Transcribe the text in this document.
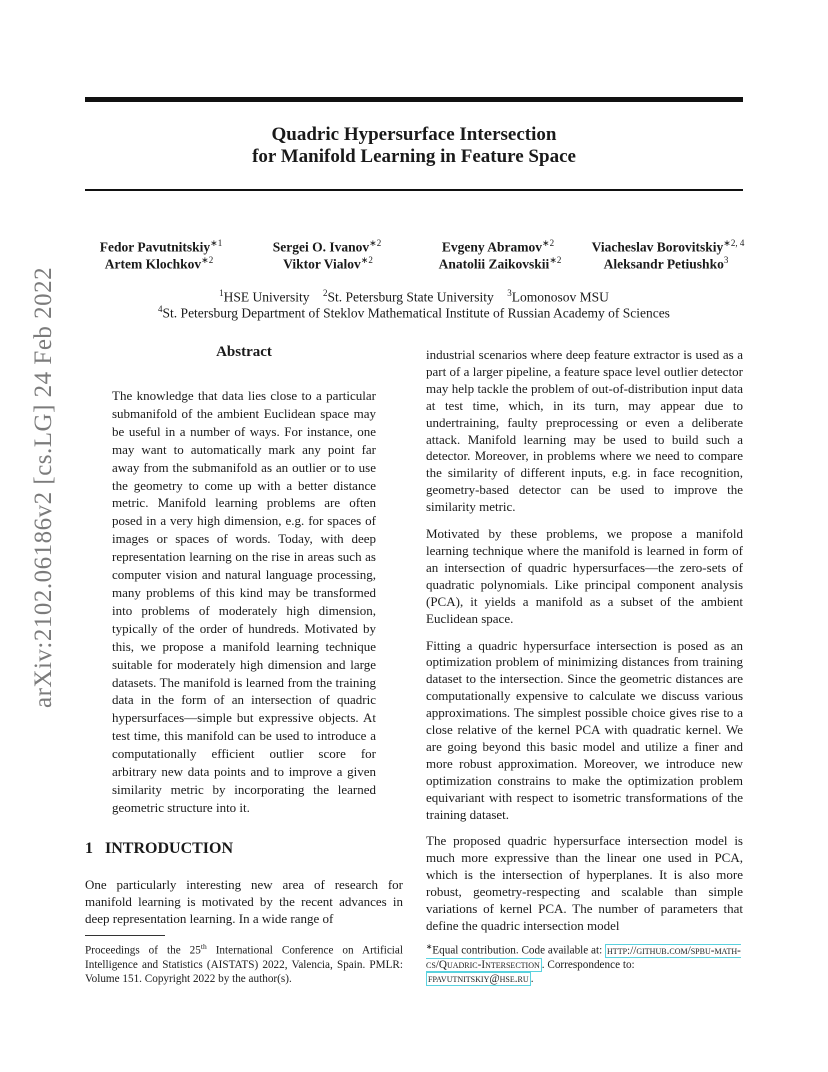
arXiv:2102.06186v2 [cs.LG] 24 Feb 2022
Quadric Hypersurface Intersection
for Manifold Learning in Feature Space
Fedor Pavutnitskiy$^{∗1}$	Sergei O. Ivanov$^{∗2}$	Evgeny Abramov$^{∗2}$	Viacheslav Borovitskiy$^{∗2, 4}$
Artem Klochkov$^{∗2}$	Viktor Vialov$^{∗2}$	Anatolii Zaikovskii$^{∗2}$	Aleksandr Petiushko$^3$
$^1$HSE University $^2$St. Petersburg State University $^3$Lomonosov MSU
$^4$St. Petersburg Department of Steklov Mathematical Institute of Russian Academy of Sciences
Abstract
The knowledge that data lies close to a particular submanifold of the ambient Euclidean space may be useful in a number of ways. For instance, one may want to automatically mark any point far away from the submanifold as an outlier or to use the geometry to come up with a better distance metric. Manifold learning problems are often posed in a very high dimension, e.g. for spaces of images or spaces of words. Today, with deep representation learning on the rise in areas such as computer vision and natural language processing, many problems of this kind may be transformed into problems of moderately high dimension, typically of the order of hundreds. Motivated by this, we propose a manifold learning technique suitable for moderately high dimension and large datasets. The manifold is learned from the training data in the form of an intersection of quadric hypersurfaces—simple but expressive objects. At test time, this manifold can be used to introduce a computationally efficient outlier score for arbitrary new data points and to improve a given similarity metric by incorporating the learned geometric structure into it.
1 INTRODUCTION

One particularly interesting new area of research for manifold learning is motivated by the recent advances in deep representation learning. In a wide range of

industrial scenarios where deep feature extractor is used as a part of a larger pipeline, a feature space level outlier detector may help tackle the problem of out-of-distribution input data at test time, which, in its turn, may appear due to undertraining, faulty preprocessing or even a deliberate attack. Manifold learning may be used to build such a detector. Moreover, in problems where we need to compare the similarity of different inputs, e.g. in face recognition, geometry-based detector can be used to improve the similarity metric.

Motivated by these problems, we propose a manifold learning technique where the manifold is learned in form of an intersection of quadric hypersurfaces—the zero-sets of quadratic polynomials. Like principal component analysis (PCA), it yields a manifold as a subset of the ambient Euclidean space.

Fitting a quadric hypersurface intersection is posed as an optimization problem of minimizing distances from training dataset to the intersection. Since the geometric distances are computationally expensive to calculate we discuss various approximations. The simplest possible choice gives rise to a close relative of the kernel PCA with quadratic kernel. We are going beyond this basic model and utilize a finer and more robust approximation. Moreover, we introduce new optimization constrains to make the optimization problem equivariant with respect to isometric transformations of the training dataset.

The proposed quadric hypersurface intersection model is much more expressive than the linear one used in PCA, which is the intersection of hyperplanes. It is also more robust, geometry-respecting and scalable than simple variations of kernel PCA. The number of parameters that define the quadric intersection model

Proceedings of the 25th International Conference on Artificial Intelligence and Statistics (AISTATS) 2022, Valencia, Spain. PMLR: Volume 151. Copyright 2022 by the author(s).
∗Equal contribution. Code available at: http://github.com/spbu-math-cs/Quadric-Intersection . Correspondence to: fpavutnitskiy@hse.ru .
